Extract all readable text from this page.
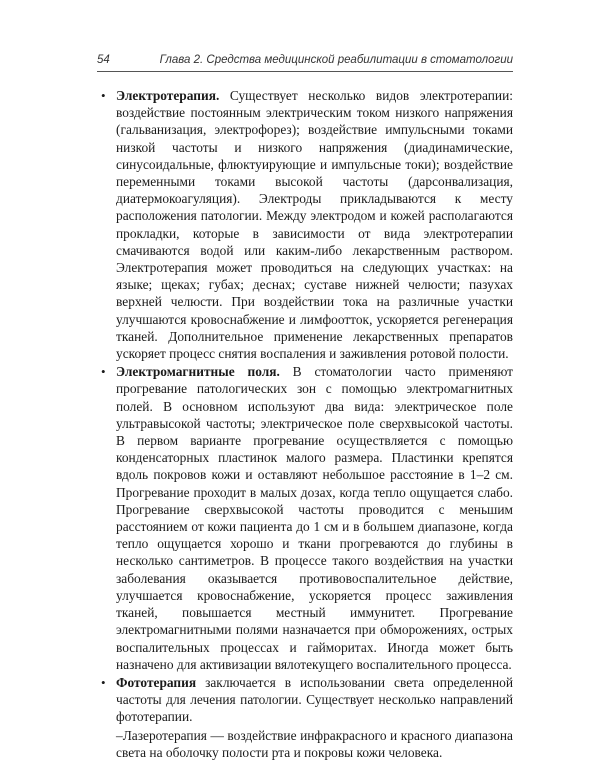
54	Глава 2. Средства медицинской реабилитации в стоматологии
• Электротерапия. Существует несколько видов электротерапии: воздействие постоянным электрическим током низкого напряжения (гальванизация, электрофорез); воздействие импульсными токами низкой частоты и низкого напряжения (диадинамические, синусоидальные, флюктуирующие и импульсные токи); воздействие переменными токами высокой частоты (дарсонвализация, диатермокоагуляция). Электроды прикладываются к месту расположения патологии. Между электродом и кожей располагаются прокладки, которые в зависимости от вида электротерапии смачиваются водой или каким-либо лекарственным раствором. Электротерапия может проводиться на следующих участках: на языке; щеках; губах; деснах; суставе нижней челюсти; пазухах верхней челюсти. При воздействии тока на различные участки улучшаются кровоснабжение и лимфоотток, ускоряется регенерация тканей. Дополнительное применение лекарственных препаратов ускоряет процесс снятия воспаления и заживления ротовой полости.
• Электромагнитные поля. В стоматологии часто применяют прогревание патологических зон с помощью электромагнитных полей. В основном используют два вида: электрическое поле ультравысокой частоты; электрическое поле сверхвысокой частоты. В первом варианте прогревание осуществляется с помощью конденсаторных пластинок малого размера. Пластинки крепятся вдоль покровов кожи и оставляют небольшое расстояние в 1–2 см. Прогревание проходит в малых дозах, когда тепло ощущается слабо. Прогревание сверхвысокой частоты проводится с меньшим расстоянием от кожи пациента до 1 см и в большем диапазоне, когда тепло ощущается хорошо и ткани прогреваются до глубины в несколько сантиметров. В процессе такого воздействия на участки заболевания оказывается противовоспалительное действие, улучшается кровоснабжение, ускоряется процесс заживления тканей, повышается местный иммунитет. Прогревание электромагнитными полями назначается при обморожениях, острых воспалительных процессах и гайморитах. Иногда может быть назначено для активизации вялотекущего воспалительного процесса.
• Фототерапия заключается в использовании света определенной частоты для лечения патологии. Существует несколько направлений фототерапии.
–Лазеротерапия — воздействие инфракрасного и красного диапазона света на оболочку полости рта и покровы кожи человека.
